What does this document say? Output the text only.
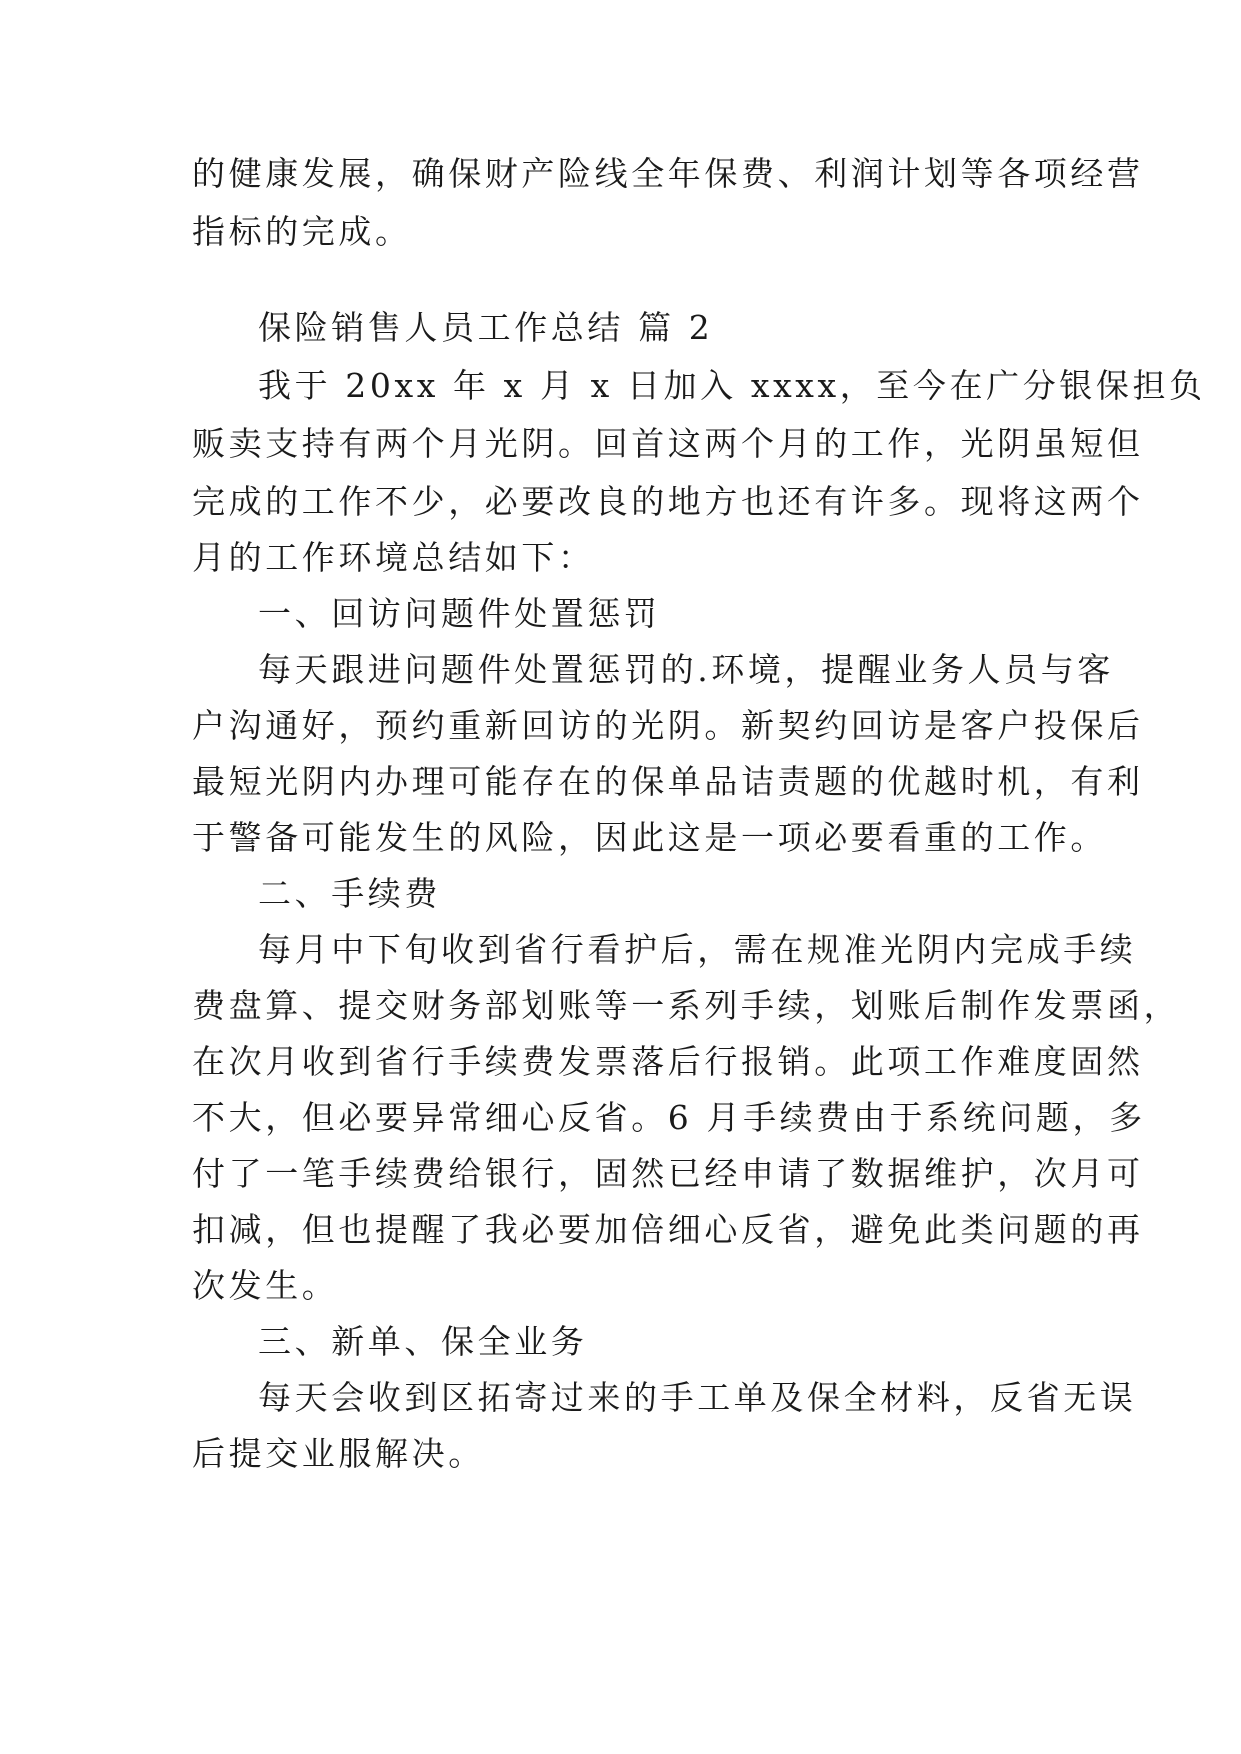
的健康发展，确保财产险线全年保费、利润计划等各项经营
指标的完成。
保险销售人员工作总结 篇 2
我于 20xx 年 x 月 x 日加入 xxxx，至今在广分银保担负
贩卖支持有两个月光阴。回首这两个月的工作，光阴虽短但
完成的工作不少，必要改良的地方也还有许多。现将这两个
月的工作环境总结如下：
一、回访问题件处置惩罚
每天跟进问题件处置惩罚的.环境，提醒业务人员与客
户沟通好，预约重新回访的光阴。新契约回访是客户投保后
最短光阴内办理可能存在的保单品诘责题的优越时机，有利
于警备可能发生的风险，因此这是一项必要看重的工作。
二、手续费
每月中下旬收到省行看护后，需在规准光阴内完成手续
费盘算、提交财务部划账等一系列手续，划账后制作发票函，
在次月收到省行手续费发票落后行报销。此项工作难度固然
不大，但必要异常细心反省。6 月手续费由于系统问题，多
付了一笔手续费给银行，固然已经申请了数据维护，次月可
扣减，但也提醒了我必要加倍细心反省，避免此类问题的再
次发生。
三、新单、保全业务
每天会收到区拓寄过来的手工单及保全材料，反省无误
后提交业服解决。
